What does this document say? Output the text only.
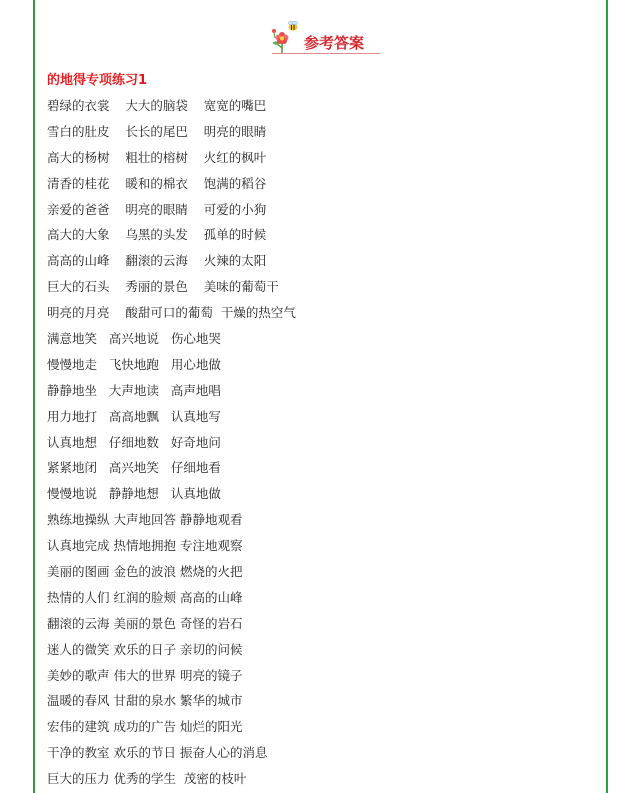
参考答案
的地得专项练习1
碧绿的衣裳    大大的脑袋    宽宽的嘴巴
雪白的肚皮    长长的尾巴    明亮的眼睛
高大的杨树    粗壮的榕树    火红的枫叶
清香的桂花    暖和的棉衣    饱满的稻谷
亲爱的爸爸    明亮的眼睛    可爱的小狗
高大的大象    乌黑的头发    孤单的时候
高高的山峰    翻滚的云海    火辣的太阳
巨大的石头    秀丽的景色    美味的葡萄干
明亮的月亮    酸甜可口的葡萄  干燥的热空气
满意地笑   高兴地说   伤心地哭
慢慢地走   飞快地跑   用心地做
静静地坐   大声地读   高声地唱
用力地打   高高地飘   认真地写
认真地想   仔细地数   好奇地问
紧紧地闭   高兴地笑   仔细地看
慢慢地说   静静地想   认真地做
熟练地操纵 大声地回答 静静地观看
认真地完成 热情地拥抱 专注地观察
美丽的图画 金色的波浪 燃烧的火把
热情的人们 红润的脸颊 高高的山峰
翻滚的云海 美丽的景色 奇怪的岩石
迷人的微笑 欢乐的日子 亲切的问候
美妙的歌声 伟大的世界 明亮的镜子
温暖的春风 甘甜的泉水 繁华的城市
宏伟的建筑 成功的广告 灿烂的阳光
干净的教室 欢乐的节日 振奋人心的消息
巨大的压力 优秀的学生  茂密的枝叶
